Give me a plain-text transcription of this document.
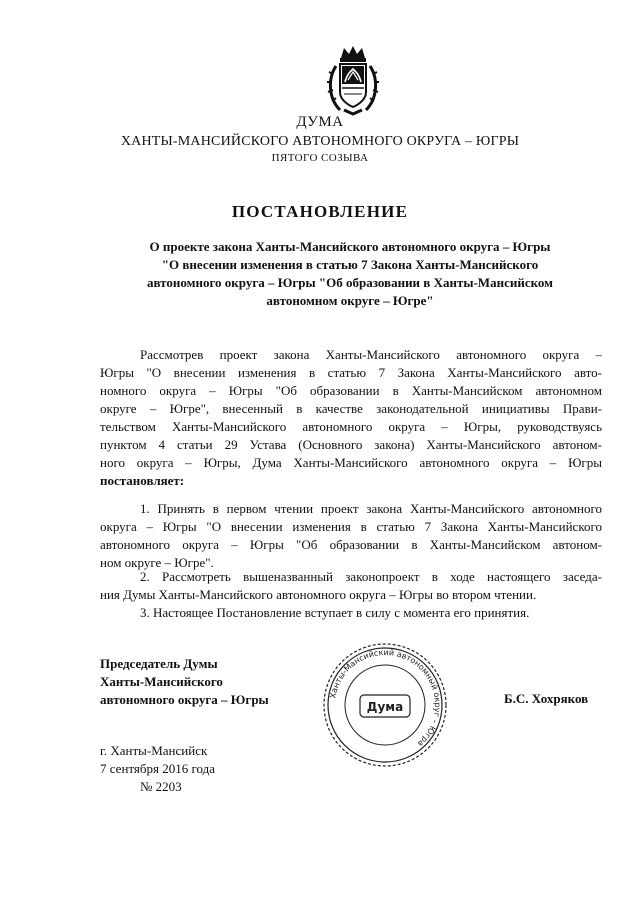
ДУМА
ХАНТЫ-МАНСИЙСКОГО АВТОНОМНОГО ОКРУГА – ЮГРЫ
ПЯТОГО СОЗЫВА
ПОСТАНОВЛЕНИЕ
О проекте закона Ханты-Мансийского автономного округа – Югры
"О внесении изменения в статью 7 Закона Ханты-Мансийского
автономного округа – Югры "Об образовании в Ханты-Мансийском
автономном округе – Югре"
Рассмотрев проект закона Ханты-Мансийского автономного округа –
Югры "О внесении изменения в статью 7 Закона Ханты-Мансийского авто-
номного округа – Югры "Об образовании в Ханты-Мансийском автономном
округе – Югре", внесенный в качестве законодательной инициативы Прави-
тельством Ханты-Мансийского автономного округа – Югры, руководствуясь
пунктом 4 статьи 29 Устава (Основного закона) Ханты-Мансийского автоном-
ного округа – Югры, Дума Ханты-Мансийского автономного округа – Югры
постановляет:
1. Принять в первом чтении проект закона Ханты-Мансийского автономного
округа – Югры "О внесении изменения в статью 7 Закона Ханты-Мансийского
автономного округа – Югры "Об образовании в Ханты-Мансийском автоном-
ном округе – Югре".
2. Рассмотреть вышеназванный законопроект в ходе настоящего заседа-
ния Думы Ханты-Мансийского автономного округа – Югры во втором чтении.
3. Настоящее Постановление вступает в силу с момента его принятия.
Председатель Думы
Ханты-Мансийского
автономного округа – Югры	Ханты-Мансийский автономный округ – Югра
Дума
Б.С. Хохряков
г. Ханты-Мансийск
7 сентября 2016 года
№ 2203
